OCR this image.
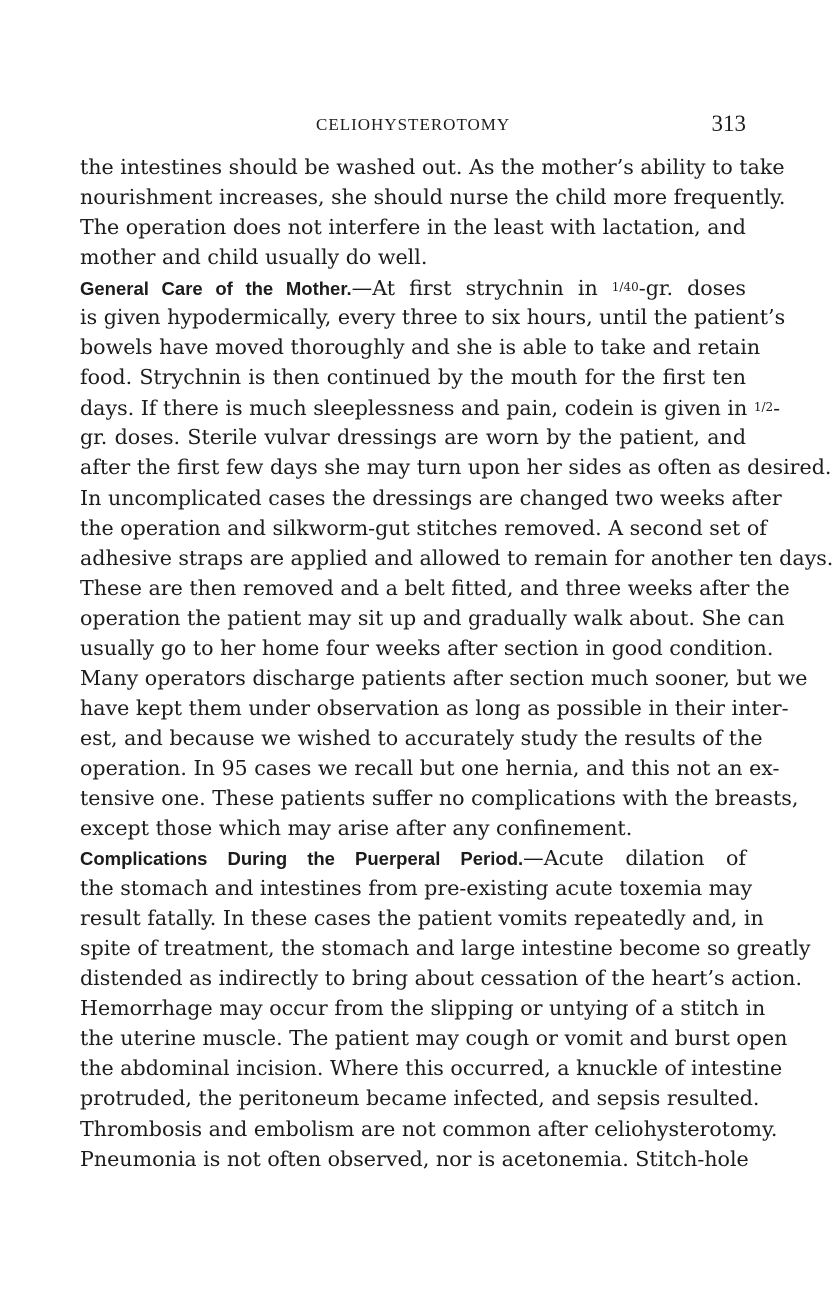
CELIOHYSTEROTOMY	313
the intestines should be washed out. As the mother’s ability to take
nourishment increases, she should nurse the child more frequently.
The operation does not interfere in the least with lactation, and
mother and child usually do well.
General Care of the Mother.—At first strychnin in 1/40-gr. doses
is given hypodermically, every three to six hours, until the patient’s
bowels have moved thoroughly and she is able to take and retain
food. Strychnin is then continued by the mouth for the first ten
days. If there is much sleeplessness and pain, codein is given in 1/2-
gr. doses. Sterile vulvar dressings are worn by the patient, and
after the first few days she may turn upon her sides as often as desired.
In uncomplicated cases the dressings are changed two weeks after
the operation and silkworm-gut stitches removed. A second set of
adhesive straps are applied and allowed to remain for another ten days.
These are then removed and a belt fitted, and three weeks after the
operation the patient may sit up and gradually walk about. She can
usually go to her home four weeks after section in good condition.
Many operators discharge patients after section much sooner, but we
have kept them under observation as long as possible in their inter-
est, and because we wished to accurately study the results of the
operation. In 95 cases we recall but one hernia, and this not an ex-
tensive one. These patients suffer no complications with the breasts,
except those which may arise after any confinement.
Complications During the Puerperal Period.—Acute dilation of
the stomach and intestines from pre-existing acute toxemia may
result fatally. In these cases the patient vomits repeatedly and, in
spite of treatment, the stomach and large intestine become so greatly
distended as indirectly to bring about cessation of the heart’s action.
Hemorrhage may occur from the slipping or untying of a stitch in
the uterine muscle. The patient may cough or vomit and burst open
the abdominal incision. Where this occurred, a knuckle of intestine
protruded, the peritoneum became infected, and sepsis resulted.
Thrombosis and embolism are not common after celiohysterotomy.
Pneumonia is not often observed, nor is acetonemia. Stitch-hole
